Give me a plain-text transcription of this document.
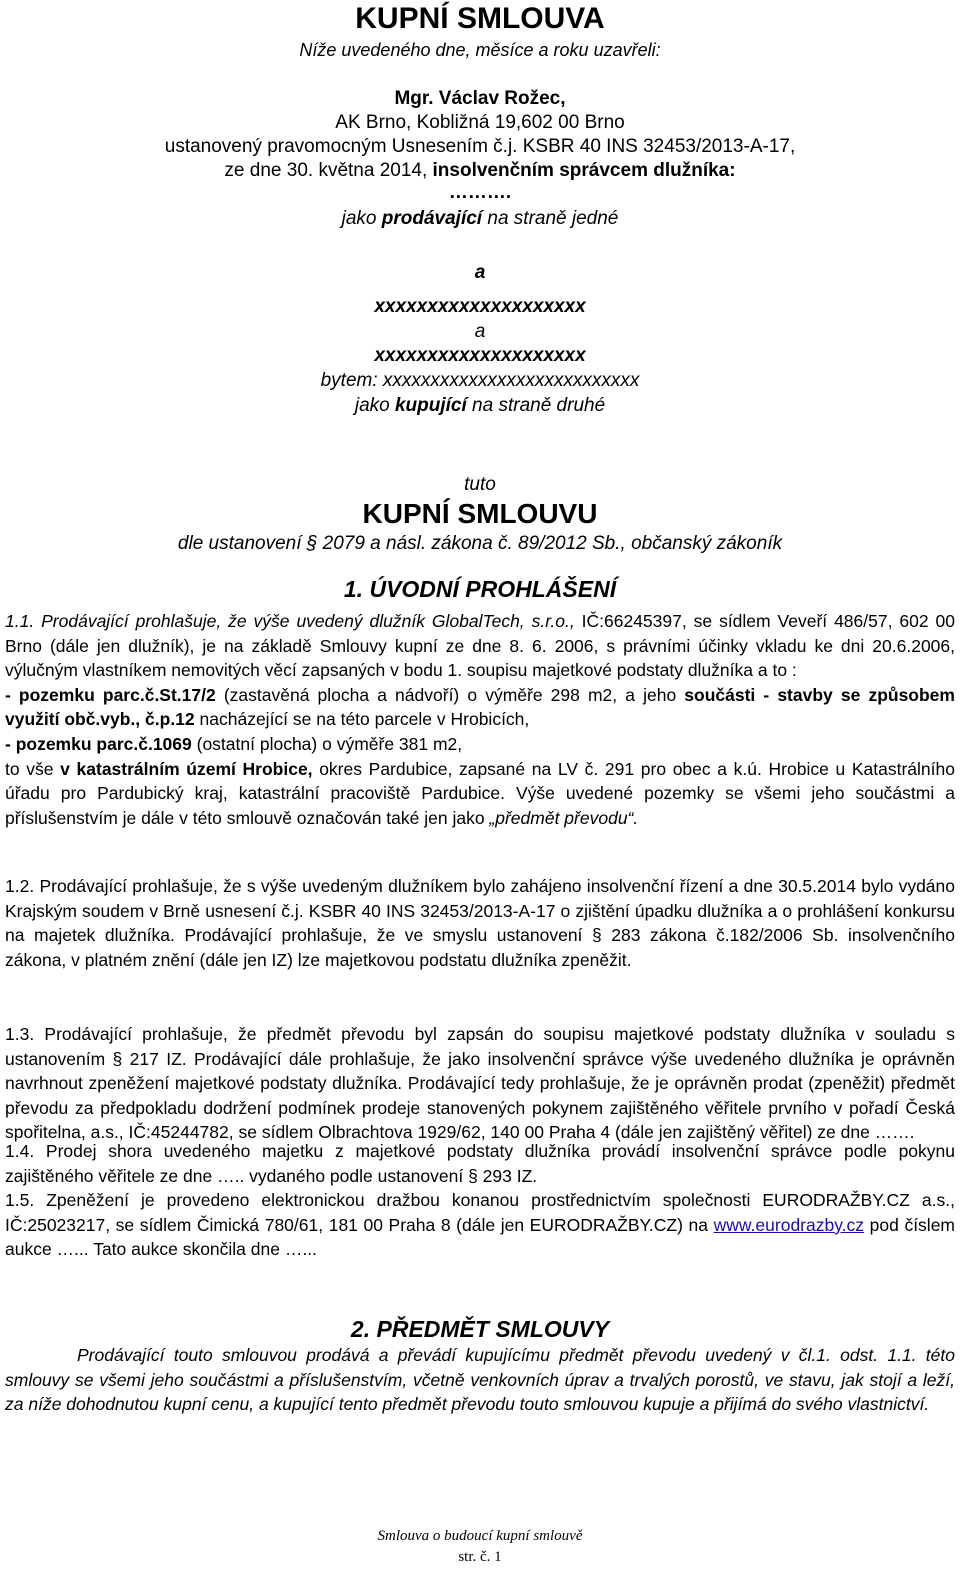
KUPNÍ SMLOUVA
Níže uvedeného dne, měsíce a roku uzavřeli:
Mgr. Václav Rožec,
AK Brno, Kobližná 19,602 00 Brno
ustanovený pravomocným Usnesením č.j. KSBR 40 INS 32453/2013-A-17,
ze dne 30. května 2014, insolvenčním správcem dlužníka:
……….
jako prodávající na straně jedné
a
xxxxxxxxxxxxxxxxxxxx
a
xxxxxxxxxxxxxxxxxxxx
bytem: xxxxxxxxxxxxxxxxxxxxxxxxxxx
jako kupující na straně druhé
tuto
KUPNÍ SMLOUVU
dle ustanovení § 2079 a násl. zákona č. 89/2012 Sb., občanský zákoník
1. ÚVODNÍ PROHLÁŠENÍ
1.1. Prodávající prohlašuje, že výše uvedený dlužník GlobalTech, s.r.o., IČ:66245397, se sídlem Veveří 486/57, 602 00 Brno (dále jen dlužník), je na základě Smlouvy kupní ze dne 8. 6. 2006, s právními účinky vkladu ke dni 20.6.2006, výlučným vlastníkem nemovitých věcí zapsaných v bodu 1. soupisu majetkové podstaty dlužníka a to :
- pozemku parc.č.St.17/2 (zastavěná plocha a nádvoří) o výměře 298 m2, a jeho součásti - stavby se způsobem využití obč.vyb., č.p.12 nacházející se na této parcele v Hrobicích,
- pozemku parc.č.1069 (ostatní plocha) o výměře 381 m2,
to vše v katastrálním území Hrobice, okres Pardubice, zapsané na LV č. 291 pro obec a k.ú. Hrobice u Katastrálního úřadu pro Pardubický kraj, katastrální pracoviště Pardubice. Výše uvedené pozemky se všemi jeho součástmi a příslušenstvím je dále v této smlouvě označován také jen jako „předmět převodu“.
1.2. Prodávající prohlašuje, že s výše uvedeným dlužníkem bylo zahájeno insolvenční řízení a dne 30.5.2014 bylo vydáno Krajským soudem v Brně usnesení č.j. KSBR 40 INS 32453/2013-A-17 o zjištění úpadku dlužníka a o prohlášení konkursu na majetek dlužníka. Prodávající prohlašuje, že ve smyslu ustanovení § 283 zákona č.182/2006 Sb. insolvenčního zákona, v platném znění (dále jen IZ) lze majetkovou podstatu dlužníka zpeněžit.
1.3. Prodávající prohlašuje, že předmět převodu byl zapsán do soupisu majetkové podstaty dlužníka v souladu s ustanovením § 217 IZ. Prodávající dále prohlašuje, že jako insolvenční správce výše uvedeného dlužníka je oprávněn navrhnout zpeněžení majetkové podstaty dlužníka. Prodávající tedy prohlašuje, že je oprávněn prodat (zpeněžit) předmět převodu za předpokladu dodržení podmínek prodeje stanovených pokynem zajištěného věřitele prvního v pořadí Česká spořitelna, a.s., IČ:45244782, se sídlem Olbrachtova 1929/62, 140 00 Praha 4 (dále jen zajištěný věřitel) ze dne …….
1.4. Prodej shora uvedeného majetku z majetkové podstaty dlužníka provádí insolvenční správce podle pokynu zajištěného věřitele ze dne ….. vydaného podle ustanovení § 293 IZ.
1.5. Zpeněžení je provedeno elektronickou dražbou konanou prostřednictvím společnosti EURODRAŽBY.CZ a.s., IČ:25023217, se sídlem Čimická 780/61, 181 00 Praha 8 (dále jen EURODRAŽBY.CZ) na www.eurodrazby.cz pod číslem aukce …... Tato aukce skončila dne …...
2. PŘEDMĚT SMLOUVY
Prodávající touto smlouvou prodává a převádí kupujícímu předmět převodu uvedený v čl.1. odst. 1.1. této smlouvy se všemi jeho součástmi a příslušenstvím, včetně venkovních úprav a trvalých porostů, ve stavu, jak stojí a leží, za níže dohodnutou kupní cenu, a kupující tento předmět převodu touto smlouvou kupuje a přijímá do svého vlastnictví.
Smlouva o budoucí kupní smlouvě
str. č. 1
